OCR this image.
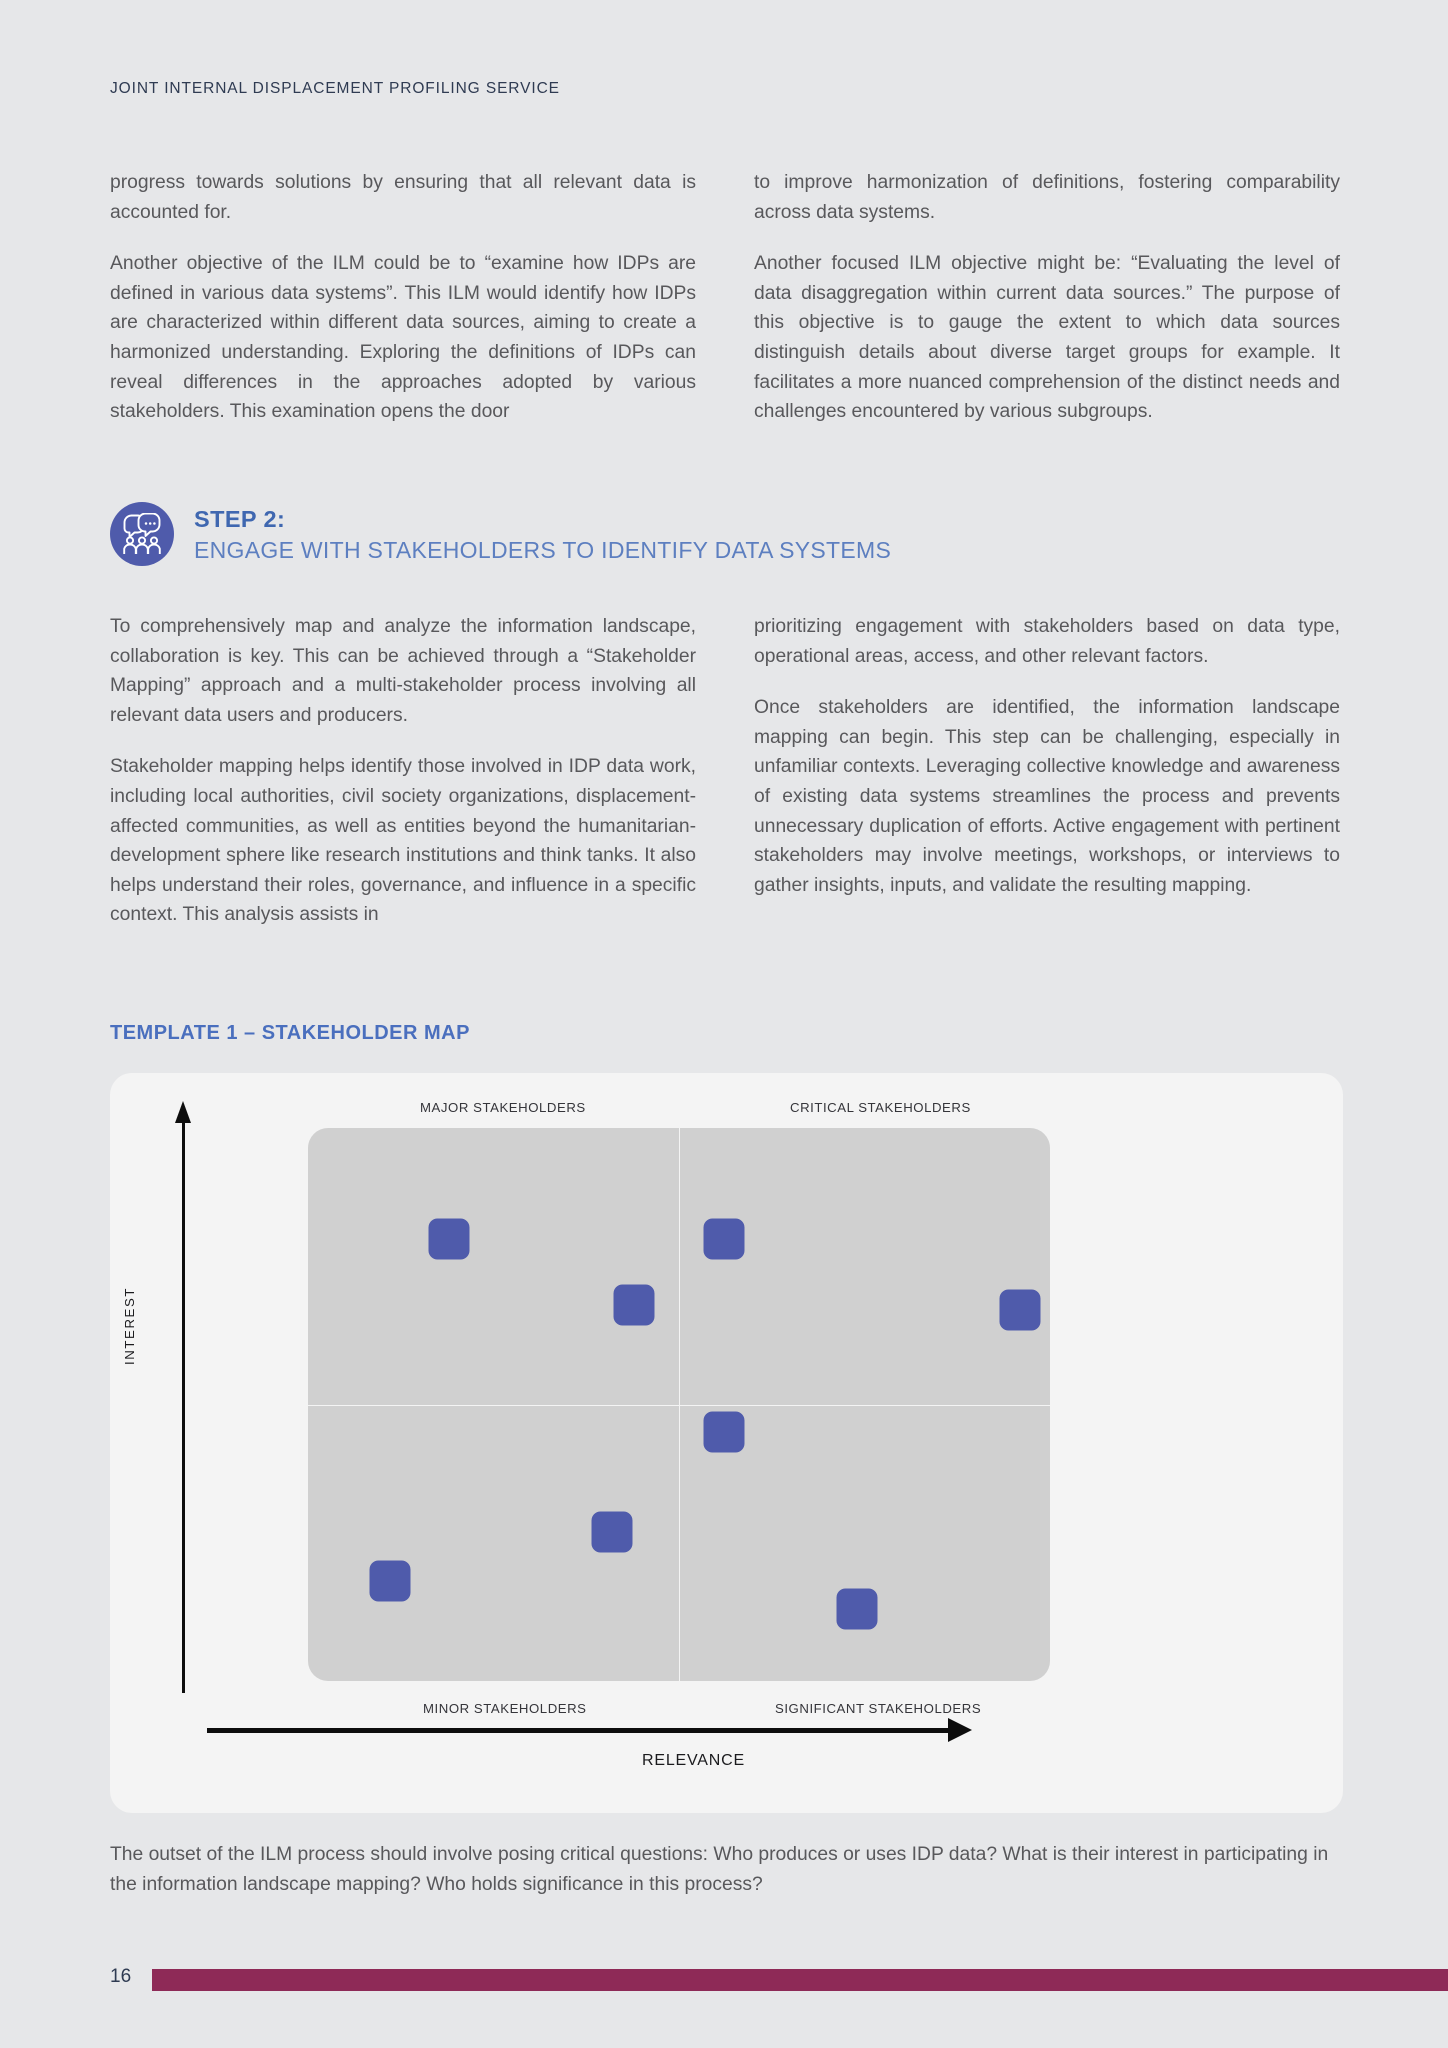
JOINT INTERNAL DISPLACEMENT PROFILING SERVICE

progress towards solutions by ensuring that all relevant data is accounted for.

Another objective of the ILM could be to “examine how IDPs are defined in various data systems”. This ILM would identify how IDPs are characterized within different data sources, aiming to create a harmonized understanding. Exploring the definitions of IDPs can reveal differences in the approaches adopted by various stakeholders. This examination opens the door

to improve harmonization of definitions, fostering comparability across data systems.

Another focused ILM objective might be: “Evaluating the level of data disaggregation within current data sources.” The purpose of this objective is to gauge the extent to which data sources distinguish details about diverse target groups for example. It facilitates a more nuanced comprehension of the distinct needs and challenges encountered by various subgroups.

STEP 2:
ENGAGE WITH STAKEHOLDERS TO IDENTIFY DATA SYSTEMS

To comprehensively map and analyze the information landscape, collaboration is key. This can be achieved through a “Stakeholder Mapping” approach and a multi-stakeholder process involving all relevant data users and producers.

Stakeholder mapping helps identify those involved in IDP data work, including local authorities, civil society organizations, displacement-affected communities, as well as entities beyond the humanitarian-development sphere like research institutions and think tanks. It also helps understand their roles, governance, and influence in a specific context. This analysis assists in

prioritizing engagement with stakeholders based on data type, operational areas, access, and other relevant factors.

Once stakeholders are identified, the information landscape mapping can begin. This step can be challenging, especially in unfamiliar contexts. Leveraging collective knowledge and awareness of existing data systems streamlines the process and prevents unnecessary duplication of efforts. Active engagement with pertinent stakeholders may involve meetings, workshops, or interviews to gather insights, inputs, and validate the resulting mapping.

TEMPLATE 1 – STAKEHOLDER MAP
MAJOR STAKEHOLDERS	CRITICAL STAKEHOLDERS
MINOR STAKEHOLDERS	SIGNIFICANT STAKEHOLDERS
INTEREST
RELEVANCE
The outset of the ILM process should involve posing critical questions: Who produces or uses IDP data? What is their interest in participating in the information landscape mapping? Who holds significance in this process?
16
